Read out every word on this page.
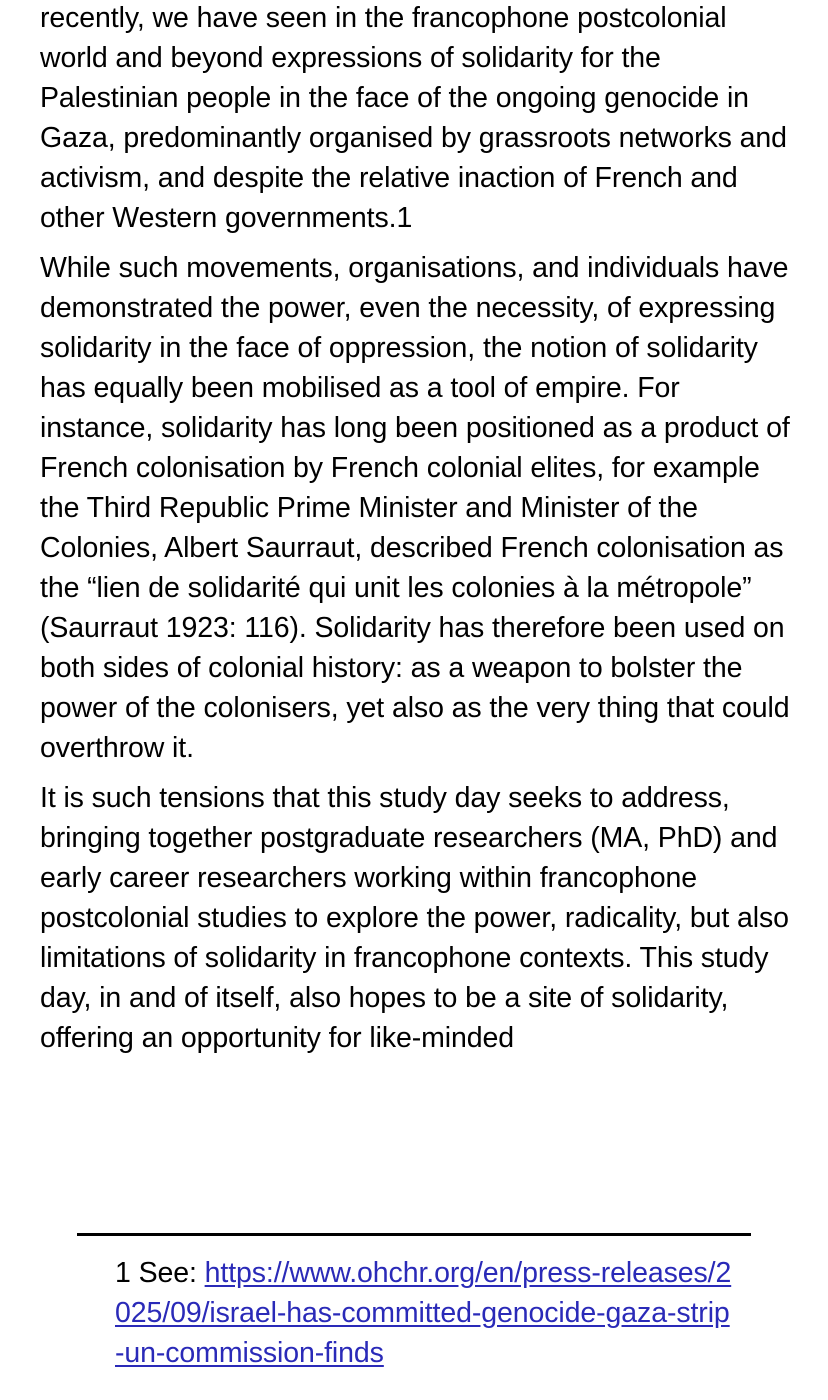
recently, we have seen in the francophone postcolonial world and beyond expressions of solidarity for the Palestinian people in the face of the ongoing genocide in Gaza, predominantly organised by grassroots networks and activism, and despite the relative inaction of French and other Western governments.1

While such movements, organisations, and individuals have demonstrated the power, even the necessity, of expressing solidarity in the face of oppression, the notion of solidarity has equally been mobilised as a tool of empire. For instance, solidarity has long been positioned as a product of French colonisation by French colonial elites, for example the Third Republic Prime Minister and Minister of the Colonies, Albert Saurraut, described French colonisation as the “lien de solidarité qui unit les colonies à la métropole” (Saurraut 1923: 116). Solidarity has therefore been used on both sides of colonial history: as a weapon to bolster the power of the colonisers, yet also as the very thing that could overthrow it.

It is such tensions that this study day seeks to address, bringing together postgraduate researchers (MA, PhD) and early career researchers working within francophone postcolonial studies to explore the power, radicality, but also limitations of solidarity in francophone contexts. This study day, in and of itself, also hopes to be a site of solidarity, offering an opportunity for like-minded

1 See: https://www.ohchr.org/en/press-releases/2025/09/israel-has-committed-genocide-gaza-strip-un-commission-finds
